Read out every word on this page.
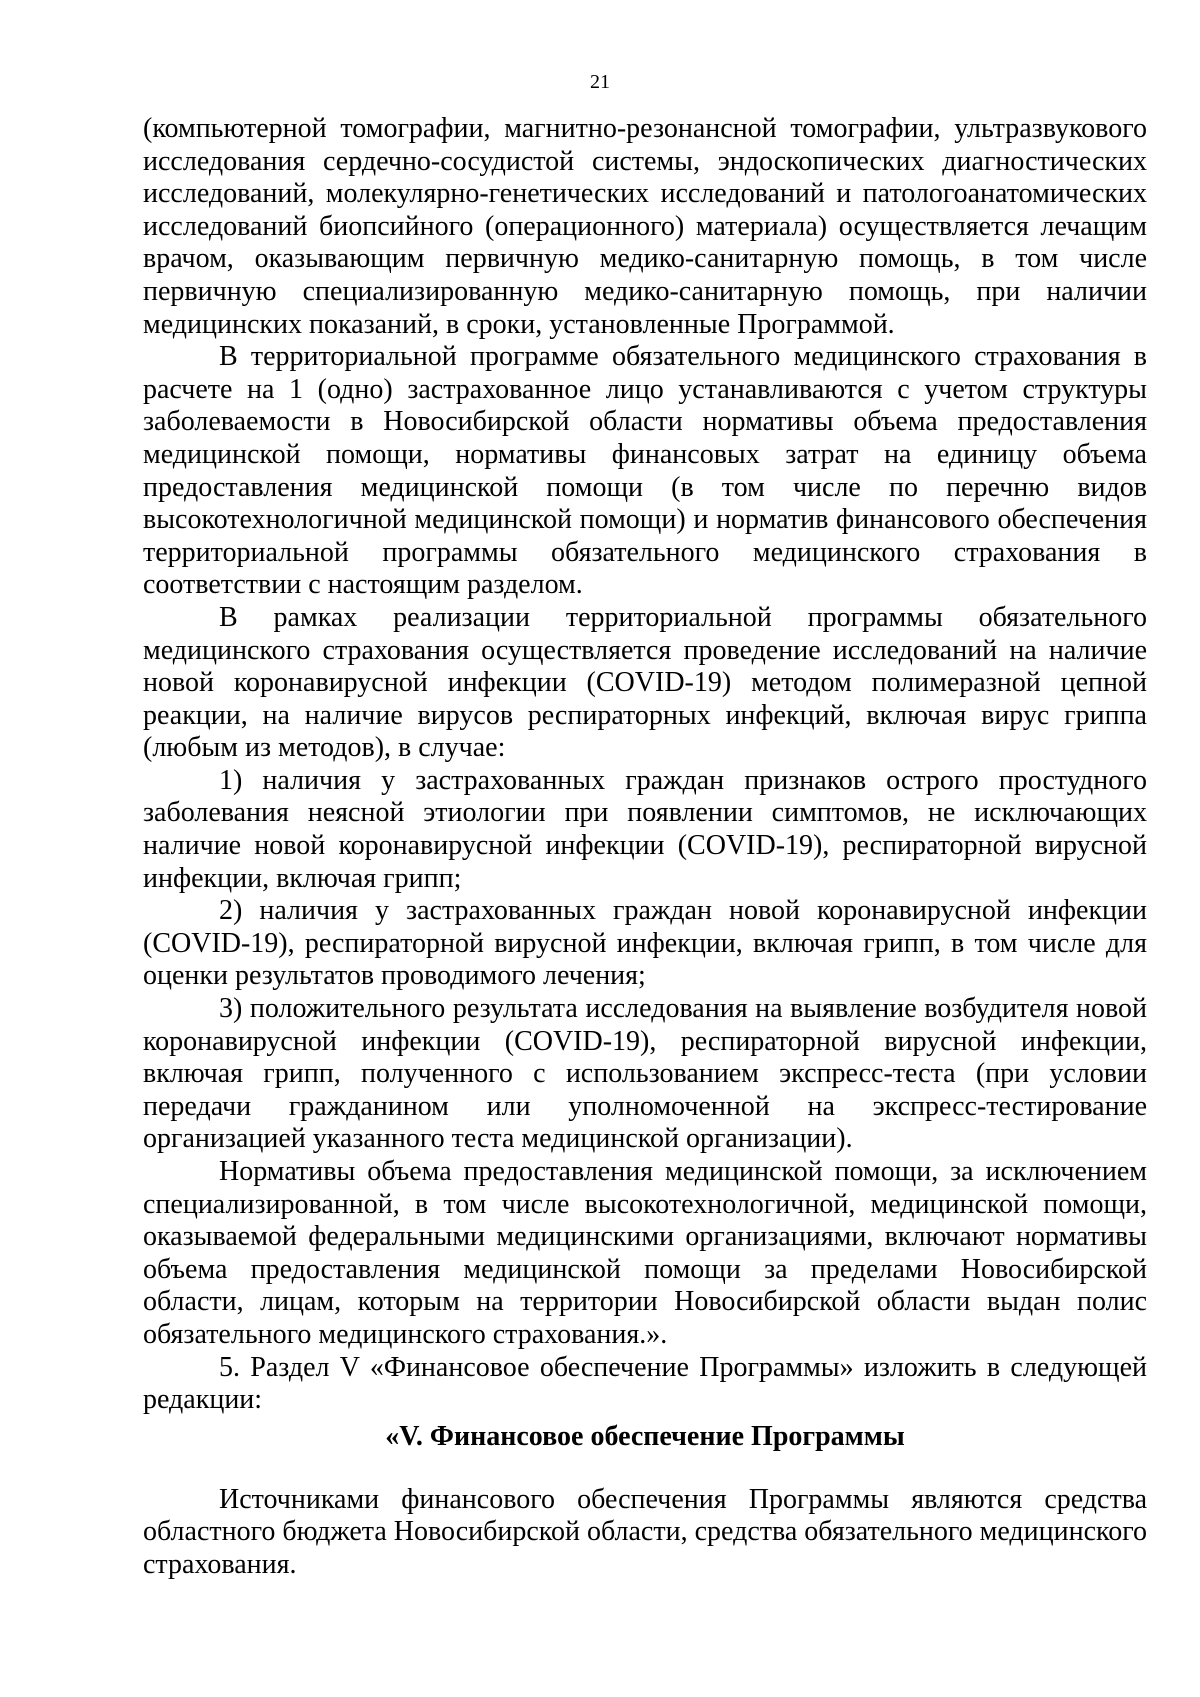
21

(компьютерной томографии, магнитно-резонансной томографии, ультразвукового исследования сердечно-сосудистой системы, эндоскопических диагностических исследований, молекулярно-генетических исследований и патологоанатомических исследований биопсийного (операционного) материала) осуществляется лечащим врачом, оказывающим первичную медико-санитарную помощь, в том числе первичную специализированную медико-санитарную помощь, при наличии медицинских показаний, в сроки, установленные Программой.

В территориальной программе обязательного медицинского страхования в расчете на 1 (одно) застрахованное лицо устанавливаются с учетом структуры заболеваемости в Новосибирской области нормативы объема предоставления медицинской помощи, нормативы финансовых затрат на единицу объема предоставления медицинской помощи (в том числе по перечню видов высокотехнологичной медицинской помощи) и норматив финансового обеспечения территориальной программы обязательного медицинского страхования в соответствии с настоящим разделом.

В рамках реализации территориальной программы обязательного медицинского страхования осуществляется проведение исследований на наличие новой коронавирусной инфекции (COVID-19) методом полимеразной цепной реакции, на наличие вирусов респираторных инфекций, включая вирус гриппа (любым из методов), в случае:

1) наличия у застрахованных граждан признаков острого простудного заболевания неясной этиологии при появлении симптомов, не исключающих наличие новой коронавирусной инфекции (COVID-19), респираторной вирусной инфекции, включая грипп;

2) наличия у застрахованных граждан новой коронавирусной инфекции (COVID-19), респираторной вирусной инфекции, включая грипп, в том числе для оценки результатов проводимого лечения;

3) положительного результата исследования на выявление возбудителя новой коронавирусной инфекции (COVID-19), респираторной вирусной инфекции, включая грипп, полученного с использованием экспресс-теста (при условии передачи гражданином или уполномоченной на экспресс-тестирование организацией указанного теста медицинской организации).

Нормативы объема предоставления медицинской помощи, за исключением специализированной, в том числе высокотехнологичной, медицинской помощи, оказываемой федеральными медицинскими организациями, включают нормативы объема предоставления медицинской помощи за пределами Новосибирской области, лицам, которым на территории Новосибирской области выдан полис обязательного медицинского страхования.».

5. Раздел V «Финансовое обеспечение Программы» изложить в следующей редакции:

«V. Финансовое обеспечение Программы

Источниками финансового обеспечения Программы являются средства областного бюджета Новосибирской области, средства обязательного медицинского страхования.
